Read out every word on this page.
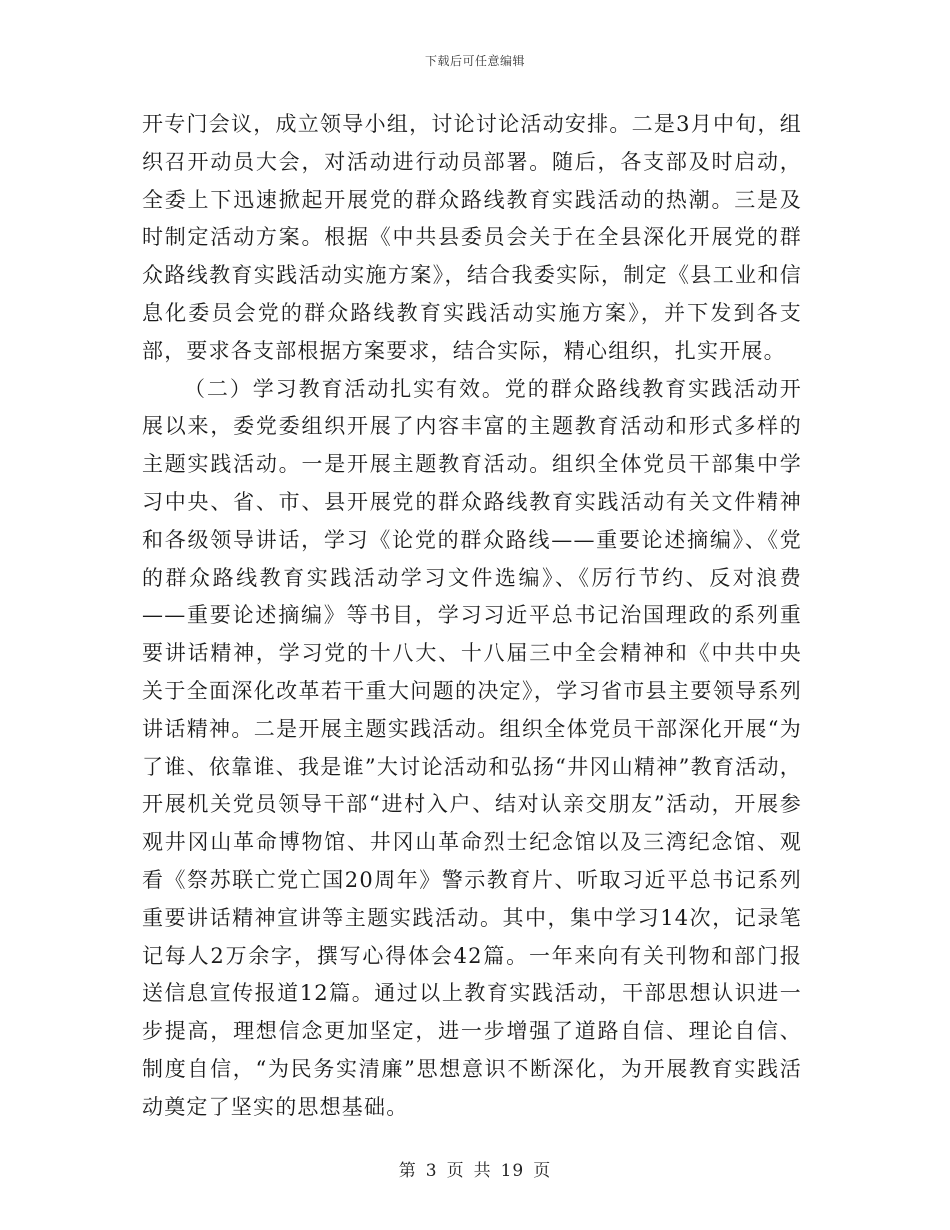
下载后可任意编辑

开专门会议，成立领导小组，讨论讨论活动安排。二是3月中旬，组织召开动员大会，对活动进行动员部署。随后，各支部及时启动，全委上下迅速掀起开展党的群众路线教育实践活动的热潮。三是及时制定活动方案。根据《中共县委员会关于在全县深化开展党的群众路线教育实践活动实施方案》，结合我委实际，制定《县工业和信息化委员会党的群众路线教育实践活动实施方案》，并下发到各支部，要求各支部根据方案要求，结合实际，精心组织，扎实开展。

（二）学习教育活动扎实有效。党的群众路线教育实践活动开展以来，委党委组织开展了内容丰富的主题教育活动和形式多样的主题实践活动。一是开展主题教育活动。组织全体党员干部集中学习中央、省、市、县开展党的群众路线教育实践活动有关文件精神和各级领导讲话，学习《论党的群众路线——重要论述摘编》、《党的群众路线教育实践活动学习文件选编》、《厉行节约、反对浪费——重要论述摘编》等书目，学习习近平总书记治国理政的系列重要讲话精神，学习党的十八大、十八届三中全会精神和《中共中央关于全面深化改革若干重大问题的决定》，学习省市县主要领导系列讲话精神。二是开展主题实践活动。组织全体党员干部深化开展“为了谁、依靠谁、我是谁”大讨论活动和弘扬“井冈山精神”教育活动，开展机关党员领导干部“进村入户、结对认亲交朋友”活动，开展参观井冈山革命博物馆、井冈山革命烈士纪念馆以及三湾纪念馆、观看《祭苏联亡党亡国20周年》警示教育片、听取习近平总书记系列重要讲话精神宣讲等主题实践活动。其中，集中学习14次，记录笔记每人2万余字，撰写心得体会42篇。一年来向有关刊物和部门报送信息宣传报道12篇。通过以上教育实践活动，干部思想认识进一步提高，理想信念更加坚定，进一步增强了道路自信、理论自信、制度自信，“为民务实清廉”思想意识不断深化，为开展教育实践活动奠定了坚实的思想基础。

第 3 页 共 19 页
